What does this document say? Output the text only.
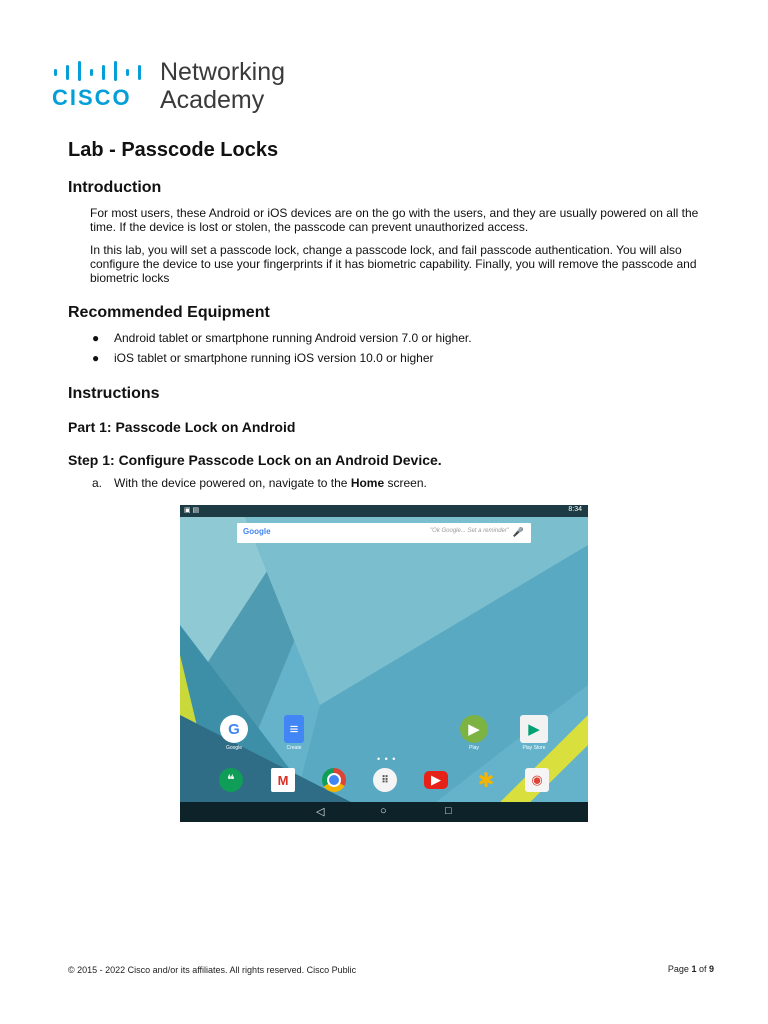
CISCO
Networking
Academy
Lab - Passcode Locks
Introduction

For most users, these Android or iOS devices are on the go with the users, and they are usually powered on all the time. If the device is lost or stolen, the passcode can prevent unauthorized access.

In this lab, you will set a passcode lock, change a passcode lock, and fail passcode authentication. You will also configure the device to use your fingerprints if it has biometric capability. Finally, you will remove the passcode and biometric locks

Recommended Equipment
● Android tablet or smartphone running Android version 7.0 or higher.
● iOS tablet or smartphone running iOS version 10.0 or higher
Instructions
Part 1: Passcode Lock on Android
Step 1: Configure Passcode Lock on an Android Device.
a. With the device powered on, navigate to the Home screen.
▣ ▤	8:34
Google	"Ok Google... Set a reminder" 🎤
G
Google
≡
Create
▶
Play
▶
Play Store
• • •
❝	M	⠿	▶	✱	◉
◁	○	□
© 2015 - 2022 Cisco and/or its affiliates. All rights reserved. Cisco Public	Page 1 of 9
